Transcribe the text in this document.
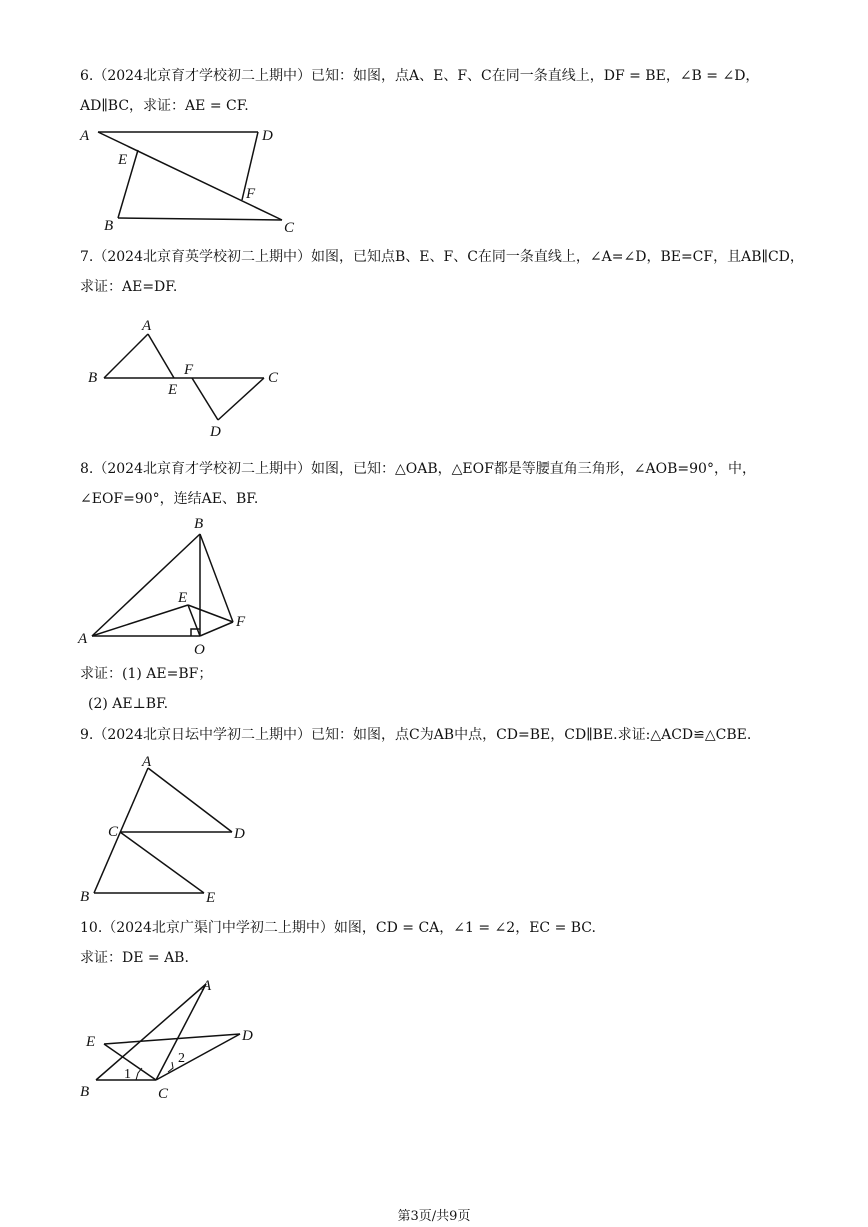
6.（2024北京育才学校初二上期中）已知：如图，点A、E、F、C在同一条直线上，DF = BE，∠B = ∠D，
AD∥BC，求证：AE = CF.
A	D
E
F
B	C
7.（2024北京育英学校初二上期中）如图，已知点B、E、F、C在同一条直线上，∠A=∠D，BE=CF，且AB∥CD，
求证：AE=DF.
A
B
E
F	C
D
8.（2024北京育才学校初二上期中）如图，已知：△OAB，△EOF都是等腰直角三角形，∠AOB=90°，中，
∠EOF=90°，连结AE、BF.
B
E
F
A
O
求证：(1) AE=BF；
(2) AE⊥BF.
9.（2024北京日坛中学初二上期中）已知：如图，点C为AB中点，CD=BE，CD∥BE.求证:△ACD≌△CBE.
A
C	D
B	E
10.（2024北京广渠门中学初二上期中）如图，CD = CA，∠1 = ∠2，EC = BC.
求证：DE = AB.
A
E	D
2
1
B	C
第3页/共9页
